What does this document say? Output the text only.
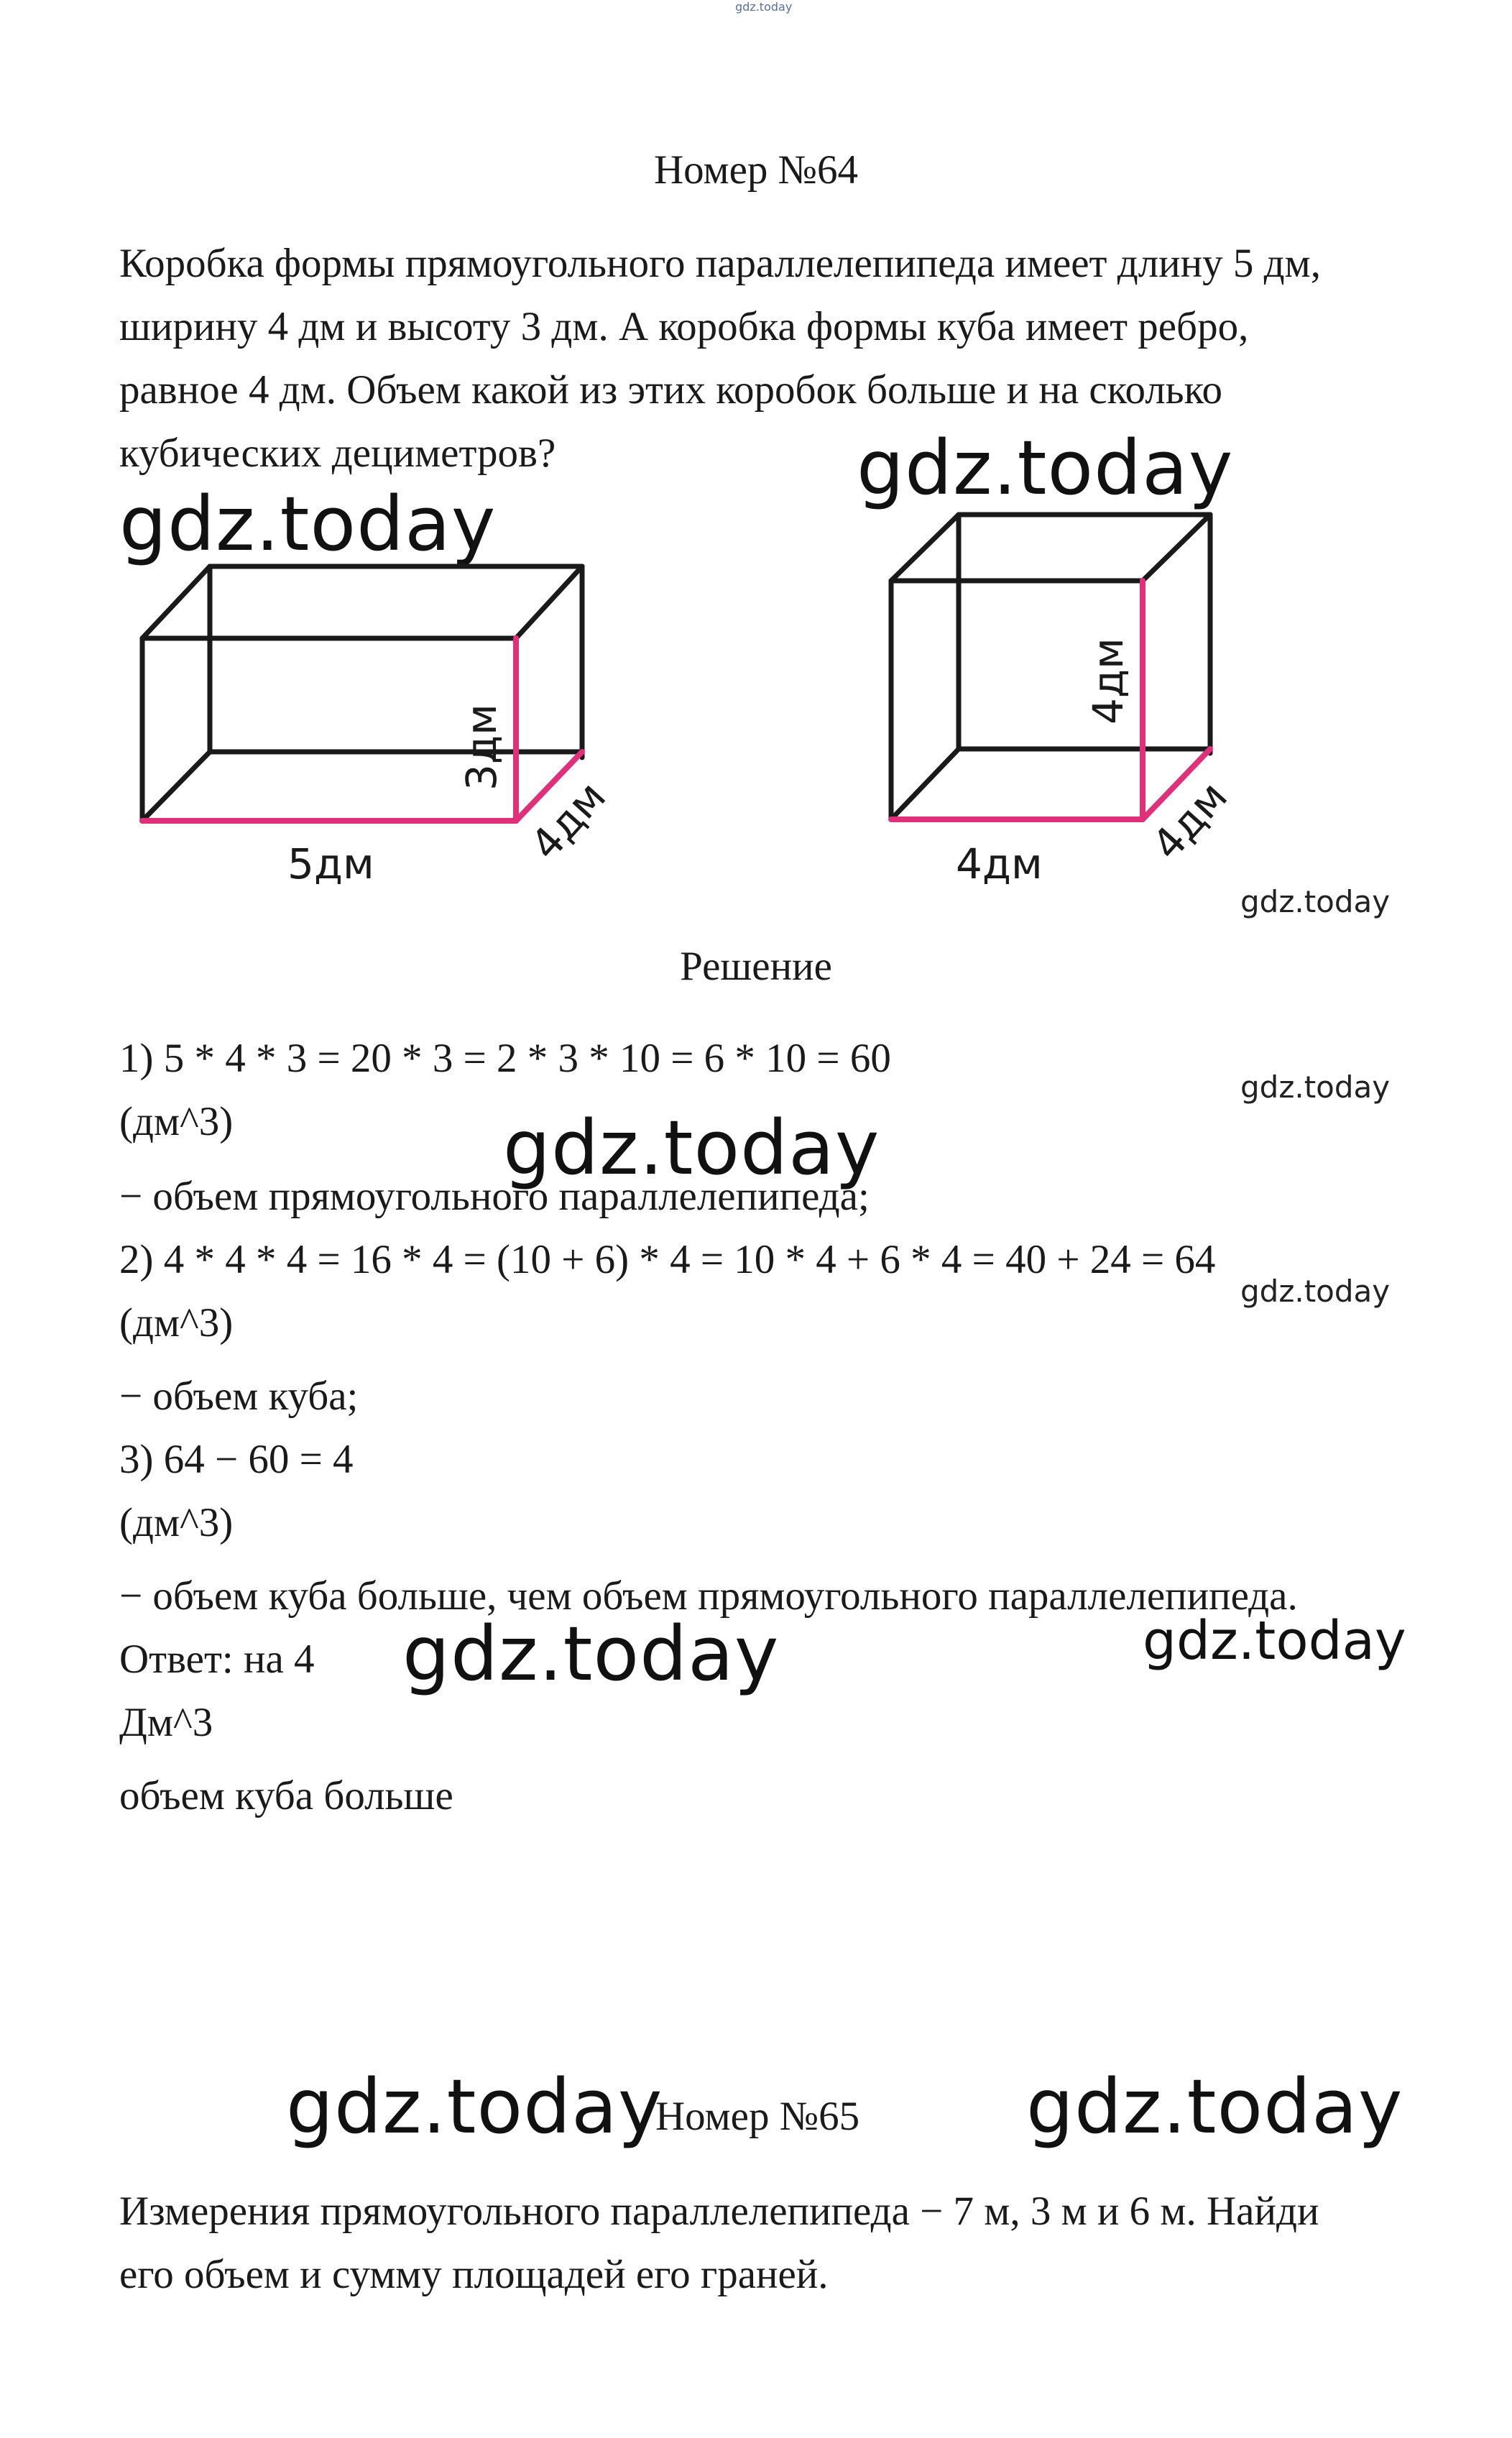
gdz.today
Номер №64
Коробка формы прямоугольного параллелепипеда имеет длину 5 дм,
ширину 4 дм и высоту 3 дм. А коробка формы куба имеет ребро,
равное 4 дм. Объем какой из этих коробок больше и на сколько
кубических дециметров?	gdz.today
gdz.today
5дм
3дм
4дм	4дм
4дм
4дм
gdz.today
Решение
1) 5 * 4 * 3 = 20 * 3 = 2 * 3 * 10 = 6 * 10 = 60
gdz.today
(дм^3)	gdz.today
− объем прямоугольного параллелепипеда;
2) 4 * 4 * 4 = 16 * 4 = (10 + 6) * 4 = 10 * 4 + 6 * 4 = 40 + 24 = 64
gdz.today
(дм^3)
− объем куба;
3) 64 − 60 = 4
(дм^3)
− объем куба больше, чем объем прямоугольного параллелепипеда.
Ответ: на 4 gdz.today	gdz.today
Дм^3
объем куба больше
gdz.today
Номер №65 gdz.today
Измерения прямоугольного параллелепипеда − 7 м, 3 м и 6 м. Найди
его объем и сумму площадей его граней.
